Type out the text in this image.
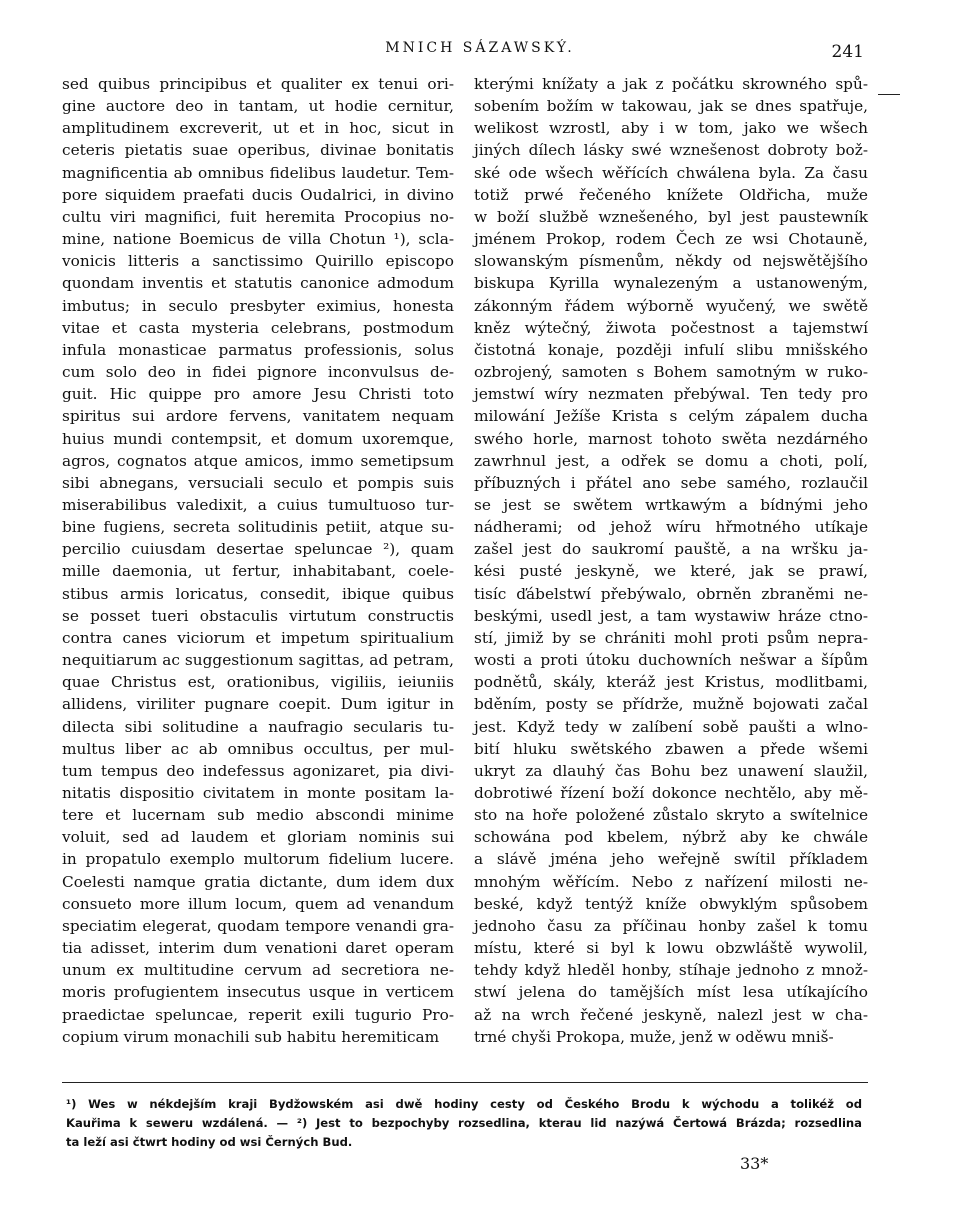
MNICH SÁZAWSKÝ.	241
sed quibus principibus et qualiter ex tenui ori-
gine auctore deo in tantam, ut hodie cernitur,
amplitudinem excreverit, ut et in hoc, sicut in
ceteris pietatis suae operibus, divinae bonitatis
magnificentia ab omnibus fidelibus laudetur. Tem-
pore siquidem praefati ducis Oudalrici, in divino
cultu viri magnifici, fuit heremita Procopius no-
mine, natione Boemicus de villa Chotun ¹), scla-
vonicis litteris a sanctissimo Quirillo episcopo
quondam inventis et statutis canonice admodum
imbutus; in seculo presbyter eximius, honesta
vitae et casta mysteria celebrans, postmodum
infula monasticae parmatus professionis, solus
cum solo deo in fidei pignore inconvulsus de-
guit. Hic quippe pro amore Jesu Christi toto
spiritus sui ardore fervens, vanitatem nequam
huius mundi contempsit, et domum uxoremque,
agros, cognatos atque amicos, immo semetipsum
sibi abnegans, versuciali seculo et pompis suis
miserabilibus valedixit, a cuius tumultuoso tur-
bine fugiens, secreta solitudinis petiit, atque su-
percilio cuiusdam desertae speluncae ²), quam
mille daemonia, ut fertur, inhabitabant, coele-
stibus armis loricatus, consedit, ibique quibus
se posset tueri obstaculis virtutum constructis
contra canes viciorum et impetum spiritualium
nequitiarum ac suggestionum sagittas, ad petram,
quae Christus est, orationibus, vigiliis, ieiuniis
allidens, viriliter pugnare coepit. Dum igitur in
dilecta sibi solitudine a naufragio secularis tu-
multus liber ac ab omnibus occultus, per mul-
tum tempus deo indefessus agonizaret, pia divi-
nitatis dispositio civitatem in monte positam la-
tere et lucernam sub medio abscondi minime
voluit, sed ad laudem et gloriam nominis sui
in propatulo exemplo multorum fidelium lucere.
Coelesti namque gratia dictante, dum idem dux
consueto more illum locum, quem ad venandum
speciatim elegerat, quodam tempore venandi gra-
tia adisset, interim dum venationi daret operam
unum ex multitudine cervum ad secretiora ne-
moris profugientem insecutus usque in verticem
praedictae speluncae, reperit exili tugurio Pro-
copium virum monachili sub habitu heremiticam
kterými knížaty a jak z počátku skrowného spů-
sobením božím w takowau, jak se dnes spatřuje,
welikost wzrostl, aby i w tom, jako we wšech
jiných dílech lásky swé wznešenost dobroty bož-
ské ode wšech wěřících chwálena byla. Za času
totiž prwé řečeného knížete Oldřicha, muže
w boží službě wznešeného, byl jest paustewník
jménem Prokop, rodem Čech ze wsi Chotauně,
slowanským písmenům, někdy od nejswětějšího
biskupa Kyrilla wynalezeným a ustanoweným,
zákonným řádem wýborně wyučený, we swětě
kněz wýtečný, žiwota počestnost a tajemstwí
čistotná konaje, později infulí slibu mnišského
ozbrojený, samoten s Bohem samotným w ruko-
jemstwí wíry nezmaten přebýwal. Ten tedy pro
milowání Ježíše Krista s celým zápalem ducha
swého horle, marnost tohoto swěta nezdárného
zawrhnul jest, a odřek se domu a choti, polí,
příbuzných i přátel ano sebe samého, rozlaučil
se jest se swětem wrtkawým a bídnými jeho
nádherami; od jehož wíru hřmotného utíkaje
zašel jest do saukromí pauště, a na wršku ja-
kési pusté jeskyně, we které, jak se prawí,
tisíc ďábelstwí přebýwalo, obrněn zbraněmi ne-
beskými, usedl jest, a tam wystawiw hráze ctno-
stí, jimiž by se chrániti mohl proti psům nepra-
wosti a proti útoku duchowních nešwar a šípům
podnětů, skály, kteráž jest Kristus, modlitbami,
bděním, posty se přídrže, mužně bojowati začal
jest. Když tedy w zalíbení sobě paušti a wlno-
bití hluku swětského zbawen a přede wšemi
ukryt za dlauhý čas Bohu bez unawení slaužil,
dobrotiwé řízení boží dokonce nechtělo, aby mě-
sto na hoře položené zůstalo skryto a swítelnice
schowána pod kbelem, nýbrž aby ke chwále
a slávě jména jeho weřejně swítil příkladem
mnohým wěřícím. Nebo z nařízení milosti ne-
beské, když tentýž kníže obwyklým spůsobem
jednoho času za příčinau honby zašel k tomu
místu, které si byl k lowu obzwláště wywolil,
tehdy když hleděl honby, stíhaje jednoho z množ-
stwí jelena do tamějších míst lesa utíkajícího
až na wrch řečené jeskyně, nalezl jest w cha-
trné chyši Prokopa, muže, jenž w oděwu mniš-
¹) Wes w nékdejším kraji Bydžowském asi dwě hodiny cesty od Českého Brodu k wýchodu a tolikéž od
Kauřima k seweru wzdálená. — ²) Jest to bezpochyby rozsedlina, kterau lid nazýwá Čertowá Brázda; rozsedlina
ta leží asi čtwrt hodiny od wsi Černých Bud.
33*
